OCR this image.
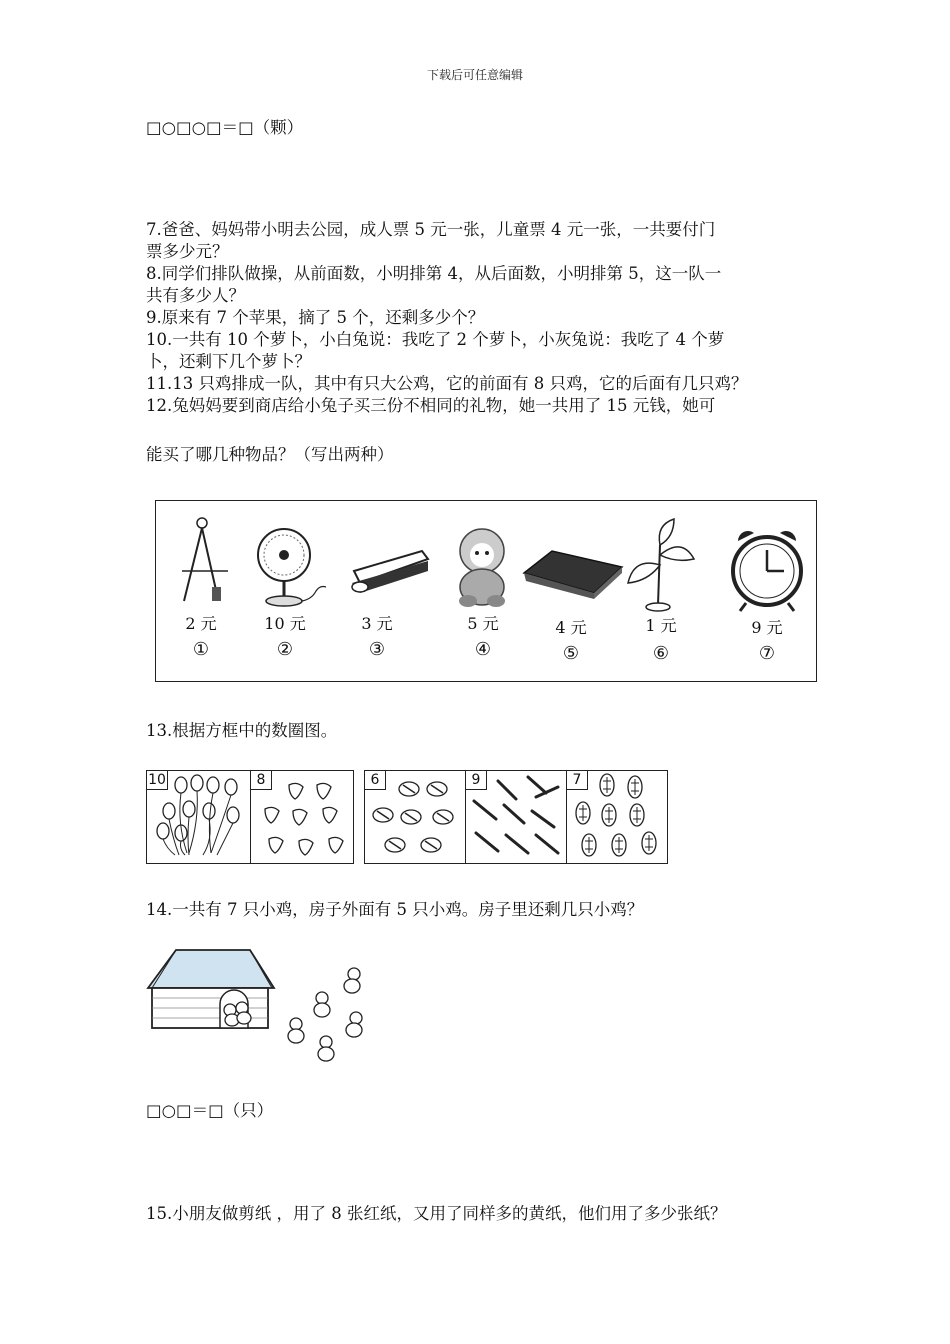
下载后可任意编辑
□○□○□＝□（颗）
7.爸爸、妈妈带小明去公园，成人票 5 元一张，儿童票 4 元一张，一共要付门
票多少元？
8.同学们排队做操，从前面数，小明排第 4，从后面数，小明排第 5，这一队一
共有多少人？
9.原来有 7 个苹果，摘了 5 个，还剩多少个？
10.一共有 10 个萝卜，小白兔说：我吃了 2 个萝卜，小灰兔说：我吃了 4 个萝
卜，还剩下几个萝卜？
11.13 只鸡排成一队，其中有只大公鸡，它的前面有 8 只鸡，它的后面有几只鸡？
12.兔妈妈要到商店给小兔子买三份不相同的礼物，她一共用了 15 元钱，她可
能买了哪几种物品？（写出两种）
2 元
①
10 元
②
3 元
③
5 元
④
4 元
⑤
1 元
⑥
9 元
⑦
13.根据方框中的数圈图。
10	8	6	9	7
14.一共有 7 只小鸡，房子外面有 5 只小鸡。房子里还剩几只小鸡？
□○□＝□（只）
15.小朋友做剪纸 ，用了 8 张红纸，又用了同样多的黄纸，他们用了多少张纸？
